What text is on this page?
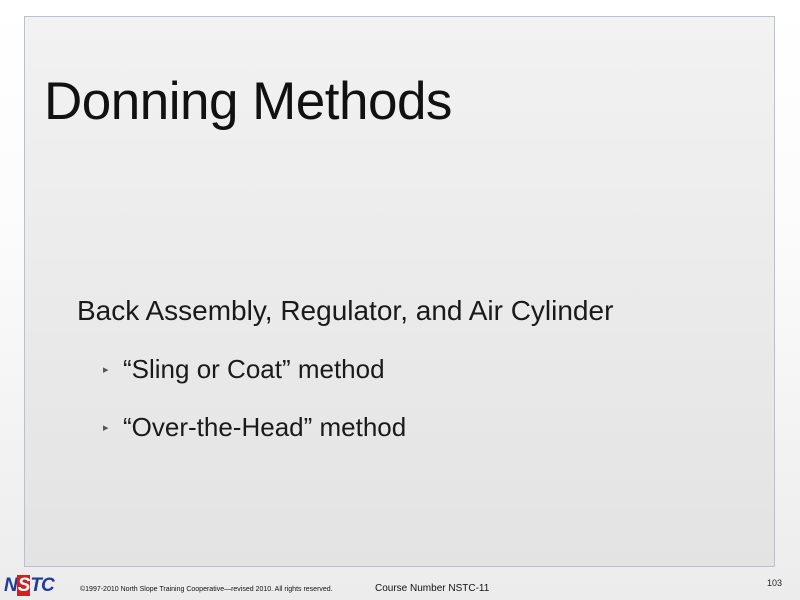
Donning Methods
Back Assembly, Regulator, and Air Cylinder
▸ “Sling or Coat” method
▸ “Over-the-Head” method
NSTC	©1997-2010 North Slope Training Cooperative—revised 2010. All rights reserved.	Course Number NSTC-11	103
